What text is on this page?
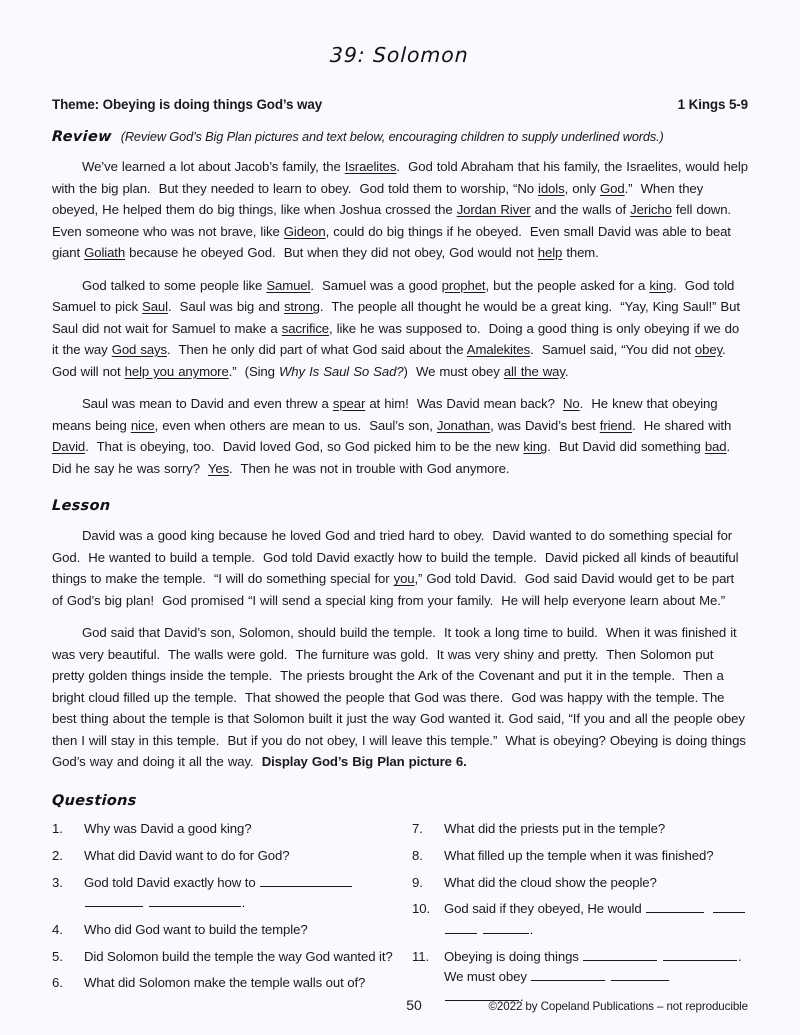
39: Solomon
Theme: Obeying is doing things God’s way	1 Kings 5-9
Review (Review God’s Big Plan pictures and text below, encouraging children to supply underlined words.)

We’ve learned a lot about Jacob’s family, the Israelites.  God told Abraham that his family, the Israelites, would help with the big plan.  But they needed to learn to obey.  God told them to worship, “No idols, only God.”  When they obeyed, He helped them do big things, like when Joshua crossed the Jordan River and the walls of Jericho fell down.  Even someone who was not brave, like Gideon, could do big things if he obeyed.  Even small David was able to beat giant Goliath because he obeyed God.  But when they did not obey, God would not help them.

God talked to some people like Samuel.  Samuel was a good prophet, but the people asked for a king.  God told Samuel to pick Saul.  Saul was big and strong.  The people all thought he would be a great king.  “Yay, King Saul!” But Saul did not wait for Samuel to make a sacrifice, like he was supposed to.  Doing a good thing is only obeying if we do it the way God says.  Then he only did part of what God said about the Amalekites.  Samuel said, “You did not obey.  God will not help you anymore.”  (Sing Why Is Saul So Sad?)  We must obey all the way.

Saul was mean to David and even threw a spear at him!  Was David mean back?  No.  He knew that obeying means being nice, even when others are mean to us.  Saul’s son, Jonathan, was David’s best friend.  He shared with David.  That is obeying, too.  David loved God, so God picked him to be the new king.  But David did something bad. Did he say he was sorry?  Yes.  Then he was not in trouble with God anymore.

Lesson

David was a good king because he loved God and tried hard to obey.  David wanted to do something special for God.  He wanted to build a temple.  God told David exactly how to build the temple.  David picked all kinds of beautiful things to make the temple.  “I will do something special for you,” God told David.  God said David would get to be part of God’s big plan!  God promised “I will send a special king from your family.  He will help everyone learn about Me.”

God said that David’s son, Solomon, should build the temple.  It took a long time to build.  When it was finished it was very beautiful.  The walls were gold.  The furniture was gold.  It was very shiny and pretty.  Then Solomon put pretty golden things inside the temple.  The priests brought the Ark of the Covenant and put it in the temple.  Then a bright cloud filled up the temple.  That showed the people that God was there.  God was happy with the temple. The best thing about the temple is that Solomon built it just the way God wanted it. God said, “If you and all the people obey then I will stay in this temple.  But if you do not obey, I will leave this temple.”  What is obeying? Obeying is doing things God’s way and doing it all the way.  Display God’s Big Plan picture 6.

Questions
1.	Why was David a good king?
2.	What did David want to do for God?
3.	God told David exactly how to
.
4.	Who did God want to build the temple?
5.	Did Solomon build the temple the way God wanted it?
6.	What did Solomon make the temple walls out of?
7.	What did the priests put in the temple?
8.	What filled up the temple when it was finished?
9.	What did the cloud show the people?
10.	God said if they obeyed, He would
.
11.	Obeying is doing things	.
We must obey   .
50	©2022 by Copeland Publications – not reproducible
